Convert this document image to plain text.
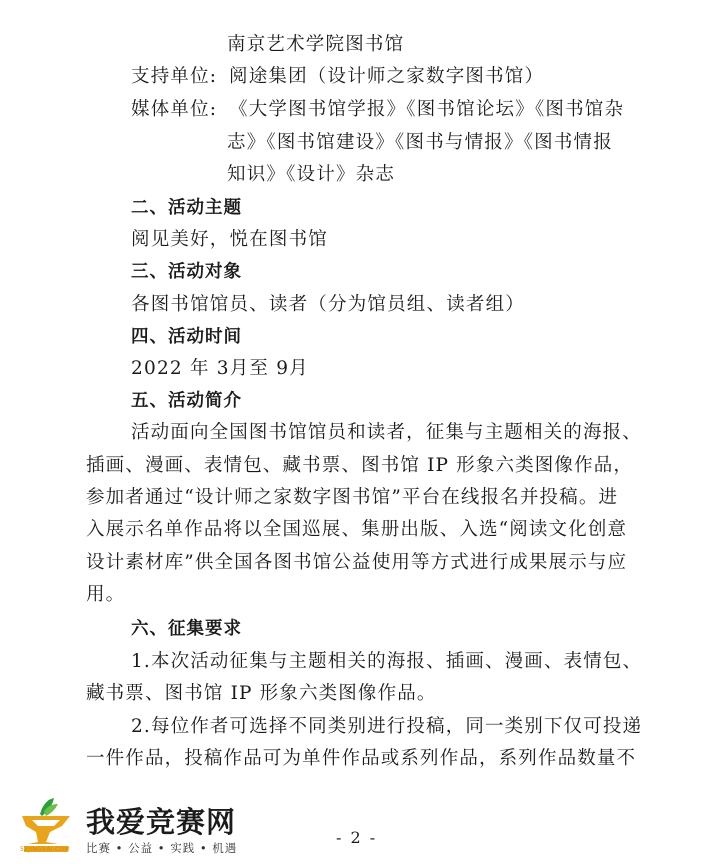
南京艺术学院图书馆
支持单位: 阅途集团（设计师之家数字图书馆）
媒体单位: 《大学图书馆学报》《图书馆论坛》《图书馆杂
志》《图书馆建设》《图书与情报》《图书情报
知识》《设计》杂志
二、活动主题
阅见美好，悦在图书馆
三、活动对象
各图书馆馆员、读者（分为馆员组、读者组）
四、活动时间
2022 年 3月至 9月
五、活动简介
活动面向全国图书馆馆员和读者，征集与主题相关的海报、
插画、漫画、表情包、藏书票、图书馆 IP 形象六类图像作品，
参加者通过“设计师之家数字图书馆”平台在线报名并投稿。进
入展示名单作品将以全国巡展、集册出版、入选“阅读文化创意
设计素材库”供全国各图书馆公益使用等方式进行成果展示与应
用。
六、征集要求
1.本次活动征集与主题相关的海报、插画、漫画、表情包、
藏书票、图书馆 IP 形象六类图像作品。
2.每位作者可选择不同类别进行投稿，同一类别下仅可投递
一件作品，投稿作品可为单件作品或系列作品，系列作品数量不
- 2 -
52JINGSAI.COM
我爱竞赛网
比赛 • 公益 • 实践 • 机遇
